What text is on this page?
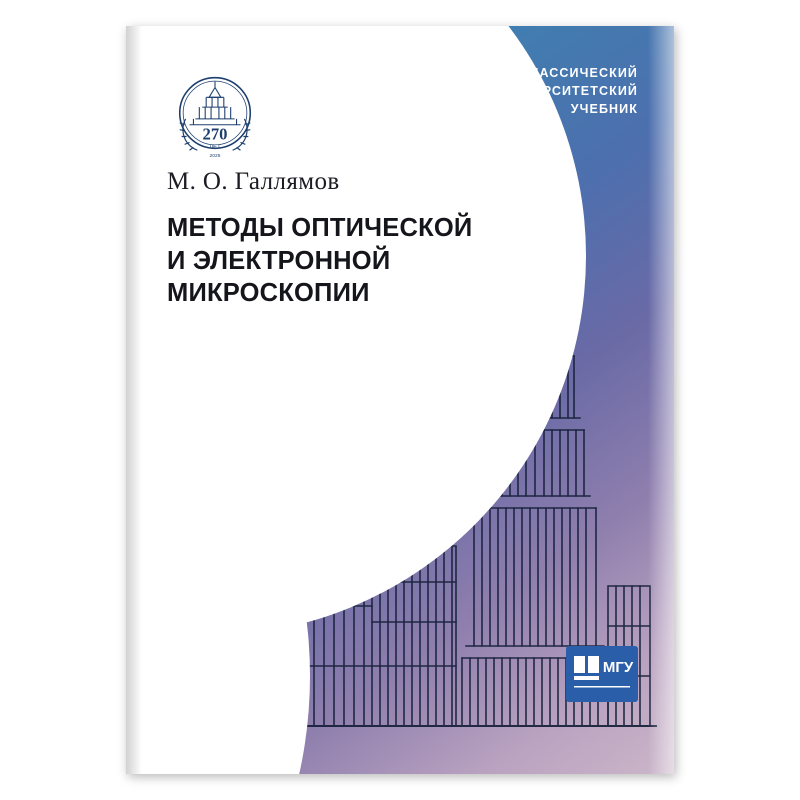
270
ЛЕТ
2025
КЛАССИЧЕСКИЙ
УНИВЕРСИТЕТСКИЙ
УЧЕБНИК
М. О. Галлямов
МЕТОДЫ ОПТИЧЕСКОЙ
И ЭЛЕКТРОННОЙ
МИКРОСКОПИИ
МГУ
